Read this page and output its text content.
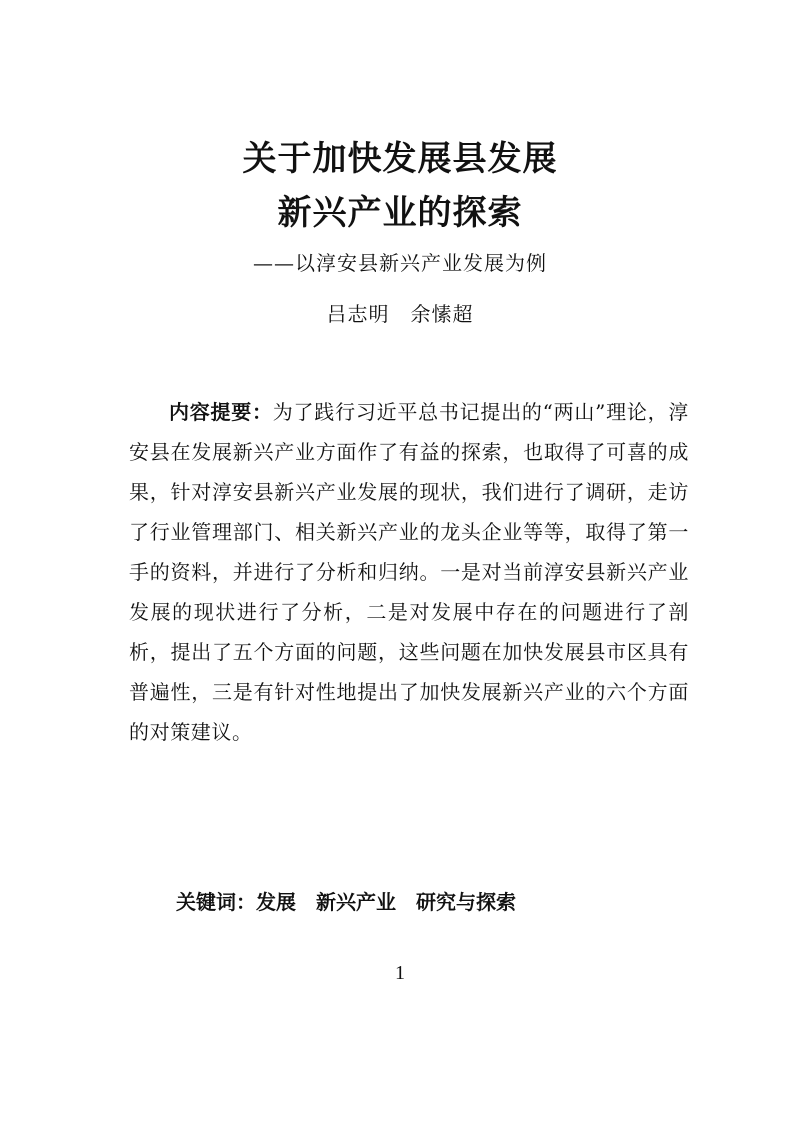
关于加快发展县发展
新兴产业的探索
——以淳安县新兴产业发展为例
吕志明　余愫超

内容提要：为了践行习近平总书记提出的“两山”理论，淳安县在发展新兴产业方面作了有益的探索，也取得了可喜的成果，针对淳安县新兴产业发展的现状，我们进行了调研，走访了行业管理部门、相关新兴产业的龙头企业等等，取得了第一手的资料，并进行了分析和归纳。一是对当前淳安县新兴产业发展的现状进行了分析，二是对发展中存在的问题进行了剖析，提出了五个方面的问题，这些问题在加快发展县市区具有普遍性，三是有针对性地提出了加快发展新兴产业的六个方面的对策建议。

关键词：发展　新兴产业　研究与探索
1
